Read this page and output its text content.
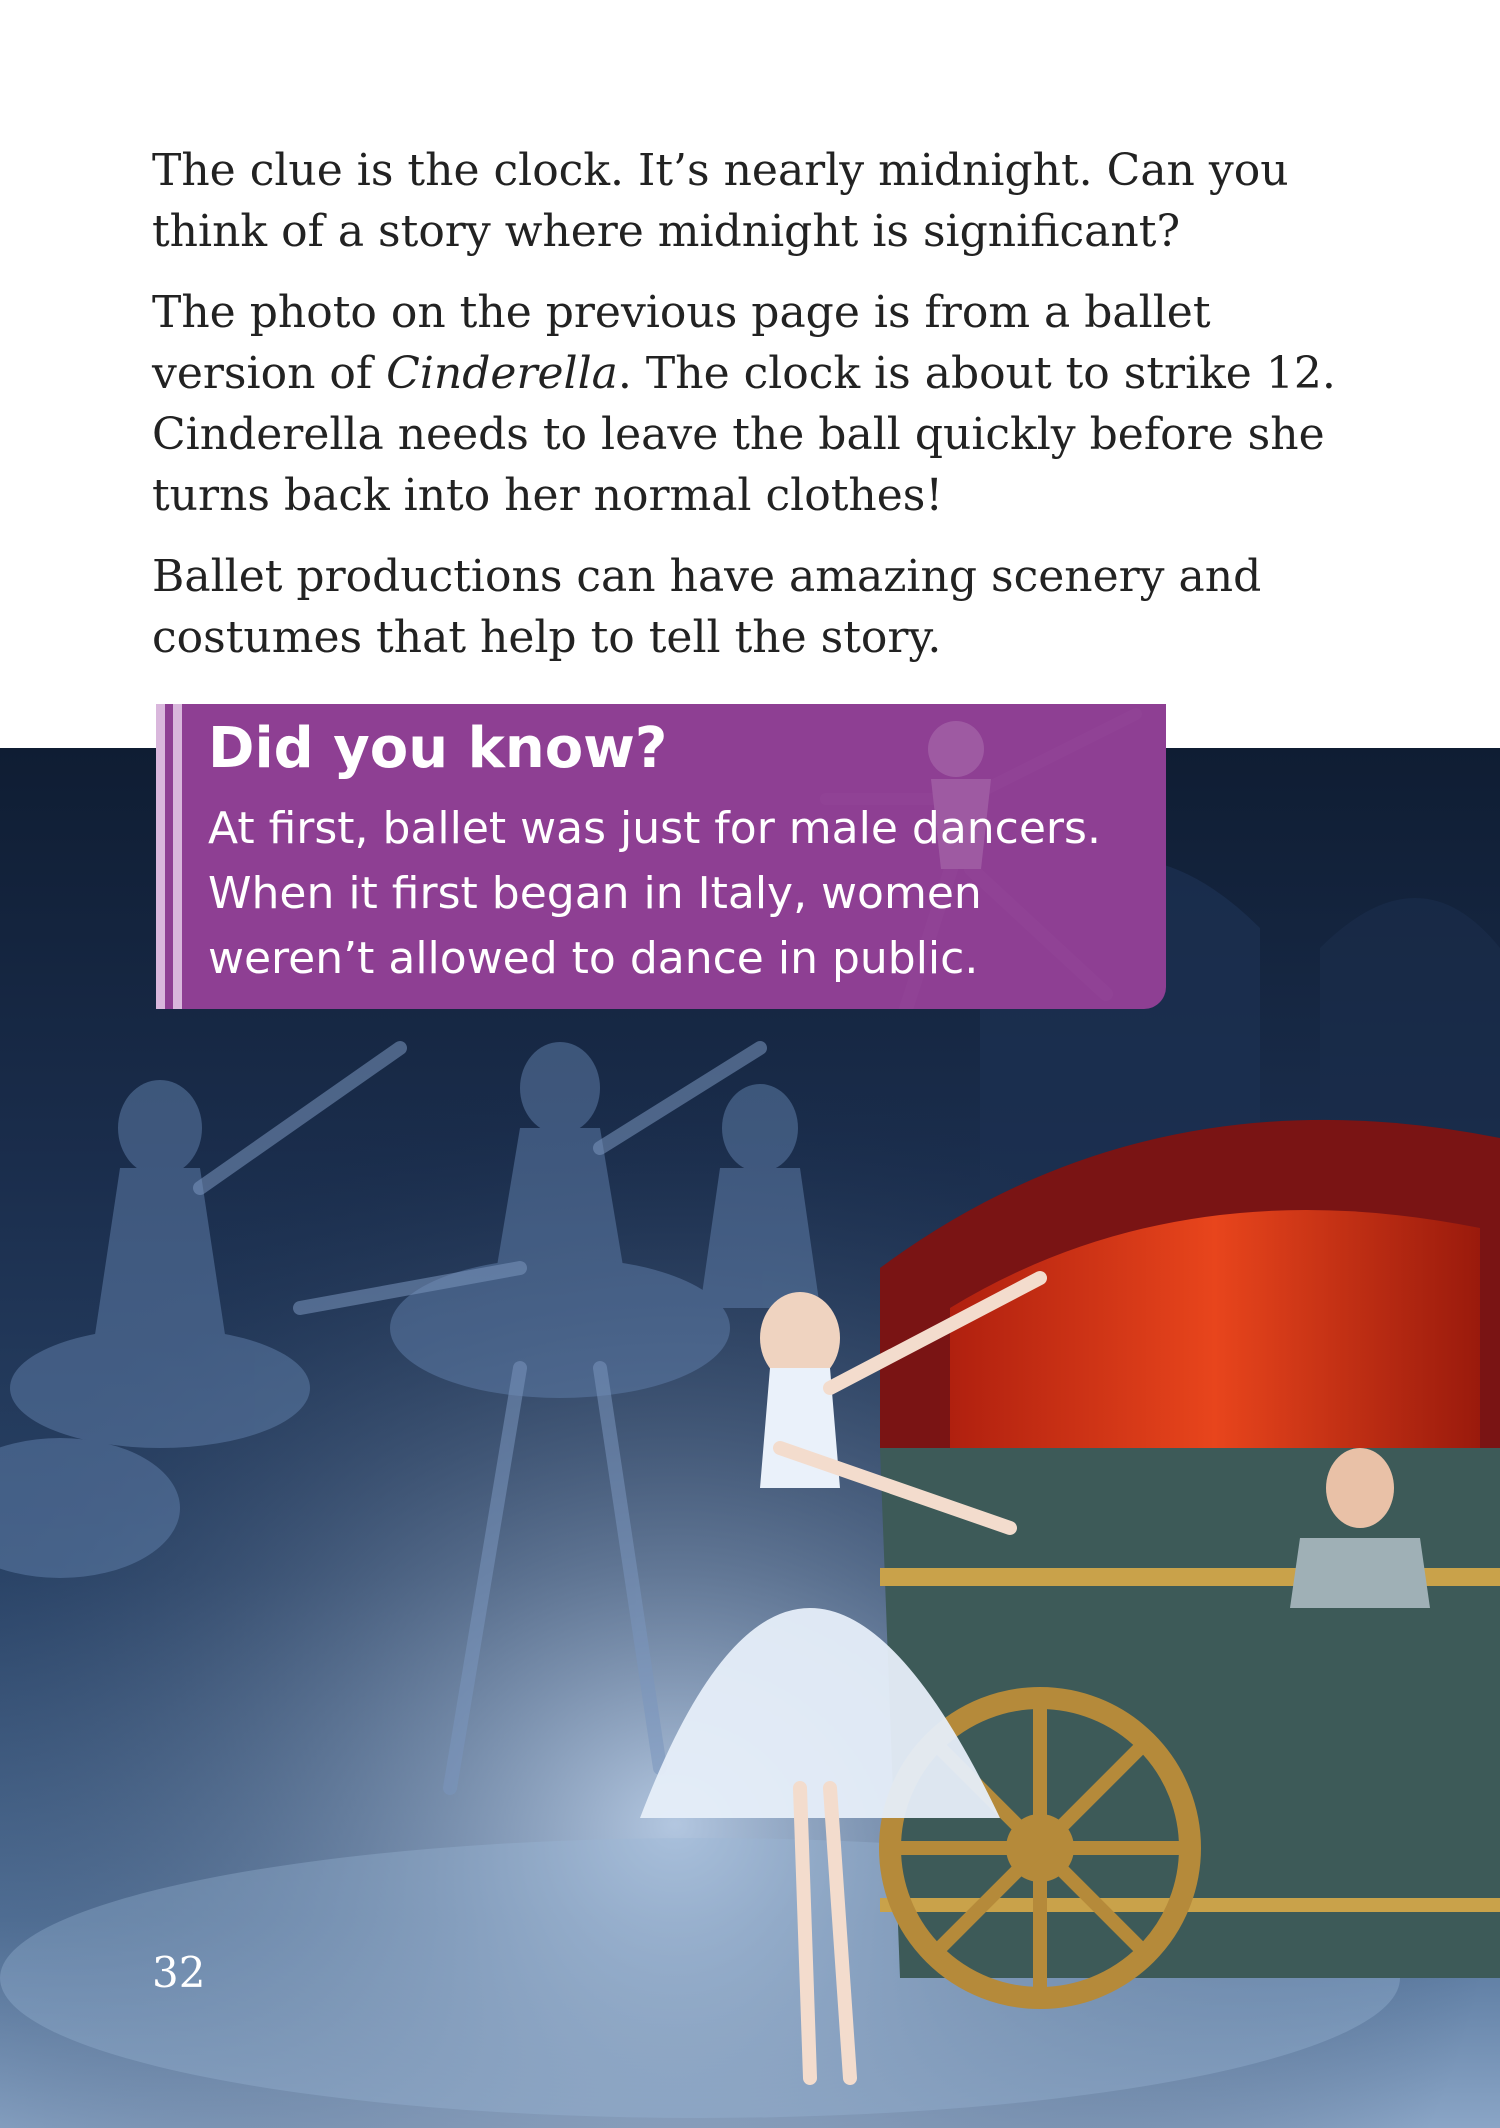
The clue is the clock. It’s nearly midnight. Can you think of a story where midnight is significant?

The photo on the previous page is from a ballet version of Cinderella. The clock is about to strike 12. Cinderella needs to leave the ball quickly before she turns back into her normal clothes!

Ballet productions can have amazing scenery and costumes that help to tell the story.

Did you know?

At first, ballet was just for male dancers. When it first began in Italy, women weren’t allowed to dance in public.

32
